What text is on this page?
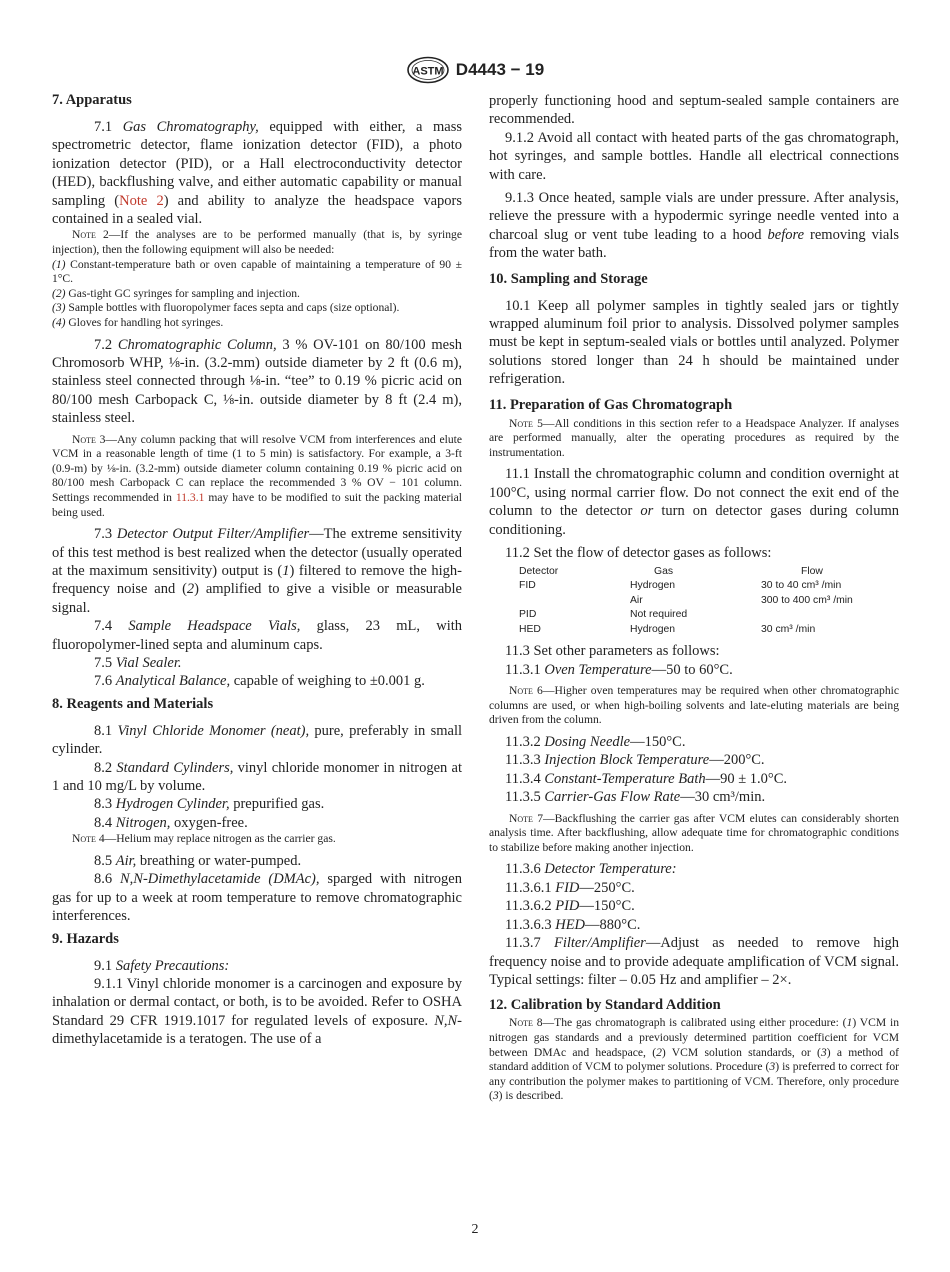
ASTM D4443 − 19
7. Apparatus

7.1 Gas Chromatography, equipped with either, a mass spectrometric detector, flame ionization detector (FID), a photo ionization detector (PID), or a Hall electroconductivity detector (HED), backflushing valve, and either automatic capability or manual sampling (Note 2) and ability to analyze the headspace vapors contained in a sealed vial.

Note 2—If the analyses are to be performed manually (that is, by syringe injection), then the following equipment will also be needed:

(1) Constant-temperature bath or oven capable of maintaining a temperature of 90 ± 1°C.

(2) Gas-tight GC syringes for sampling and injection.

(3) Sample bottles with fluoropolymer faces septa and caps (size optional).

(4) Gloves for handling hot syringes.

7.2 Chromatographic Column, 3 % OV-101 on 80/100 mesh Chromosorb WHP, ⅛-in. (3.2-mm) outside diameter by 2 ft (0.6 m), stainless steel connected through ⅛-in. “tee” to 0.19 % picric acid on 80/100 mesh Carbopack C, ⅛-in. outside diameter by 8 ft (2.4 m), stainless steel.

Note 3—Any column packing that will resolve VCM from interferences and elute VCM in a reasonable length of time (1 to 5 min) is satisfactory. For example, a 3-ft (0.9-m) by ⅛-in. (3.2-mm) outside diameter column containing 0.19 % picric acid on 80/100 mesh Carbopack C can replace the recommended 3 % OV − 101 column. Settings recommended in 11.3.1 may have to be modified to suit the packing material being used.

7.3 Detector Output Filter/Amplifier—The extreme sensitivity of this test method is best realized when the detector (usually operated at the maximum sensitivity) output is (1) filtered to remove the high-frequency noise and (2) amplified to give a visible or measurable signal.

7.4 Sample Headspace Vials, glass, 23 mL, with fluoropolymer-lined septa and aluminum caps.

7.5 Vial Sealer.

7.6 Analytical Balance, capable of weighing to ±0.001 g.

8. Reagents and Materials

8.1 Vinyl Chloride Monomer (neat), pure, preferably in small cylinder.

8.2 Standard Cylinders, vinyl chloride monomer in nitrogen at 1 and 10 mg/L by volume.

8.3 Hydrogen Cylinder, prepurified gas.

8.4 Nitrogen, oxygen-free.

Note 4—Helium may replace nitrogen as the carrier gas.

8.5 Air, breathing or water-pumped.

8.6 N,N-Dimethylacetamide (DMAc), sparged with nitrogen gas for up to a week at room temperature to remove chromatographic interferences.

9. Hazards

9.1 Safety Precautions:

9.1.1 Vinyl chloride monomer is a carcinogen and exposure by inhalation or dermal contact, or both, is to be avoided. Refer to OSHA Standard 29 CFR 1919.1017 for regulated levels of exposure. N,N-dimethylacetamide is a teratogen. The use of a

properly functioning hood and septum-sealed sample containers are recommended.

9.1.2 Avoid all contact with heated parts of the gas chromatograph, hot syringes, and sample bottles. Handle all electrical connections with care.

9.1.3 Once heated, sample vials are under pressure. After analysis, relieve the pressure with a hypodermic syringe needle vented into a charcoal slug or vent tube leading to a hood before removing vials from the water bath.

10. Sampling and Storage

10.1 Keep all polymer samples in tightly sealed jars or tightly wrapped aluminum foil prior to analysis. Dissolved polymer samples must be kept in septum-sealed vials or bottles until analyzed. Polymer solutions stored longer than 24 h should be maintained under refrigeration.

11. Preparation of Gas Chromatograph

Note 5—All conditions in this section refer to a Headspace Analyzer. If analyses are performed manually, alter the operating procedures as required by the instrumentation.

11.1 Install the chromatographic column and condition overnight at 100°C, using normal carrier flow. Do not connect the exit end of the column to the detector or turn on detector gases during column conditioning.

11.2 Set the flow of detector gases as follows:

Detector	Gas	Flow
FID	Hydrogen	30 to 40 cm³ /min
	Air	300 to 400 cm³ /min
PID	Not required	
HED	Hydrogen	30 cm³ /min

11.3 Set other parameters as follows:

11.3.1 Oven Temperature—50 to 60°C.

Note 6—Higher oven temperatures may be required when other chromatographic columns are used, or when high-boiling solvents and late-eluting materials are being driven from the column.

11.3.2 Dosing Needle—150°C.

11.3.3 Injection Block Temperature—200°C.

11.3.4 Constant-Temperature Bath—90 ± 1.0°C.

11.3.5 Carrier-Gas Flow Rate—30 cm³/min.

Note 7—Backflushing the carrier gas after VCM elutes can considerably shorten analysis time. After backflushing, allow adequate time for chromatographic conditions to stabilize before making another injection.

11.3.6 Detector Temperature:

11.3.6.1 FID—250°C.

11.3.6.2 PID—150°C.

11.3.6.3 HED—880°C.

11.3.7 Filter/Amplifier—Adjust as needed to remove high frequency noise and to provide adequate amplification of VCM signal. Typical settings: filter – 0.05 Hz and amplifier – 2×.

12. Calibration by Standard Addition

Note 8—The gas chromatograph is calibrated using either procedure: (1) VCM in nitrogen gas standards and a previously determined partition coefficient for VCM between DMAc and headspace, (2) VCM solution standards, or (3) a method of standard addition of VCM to polymer solutions. Procedure (3) is preferred to correct for any contribution the polymer makes to partitioning of VCM. Therefore, only procedure (3) is described.

2
